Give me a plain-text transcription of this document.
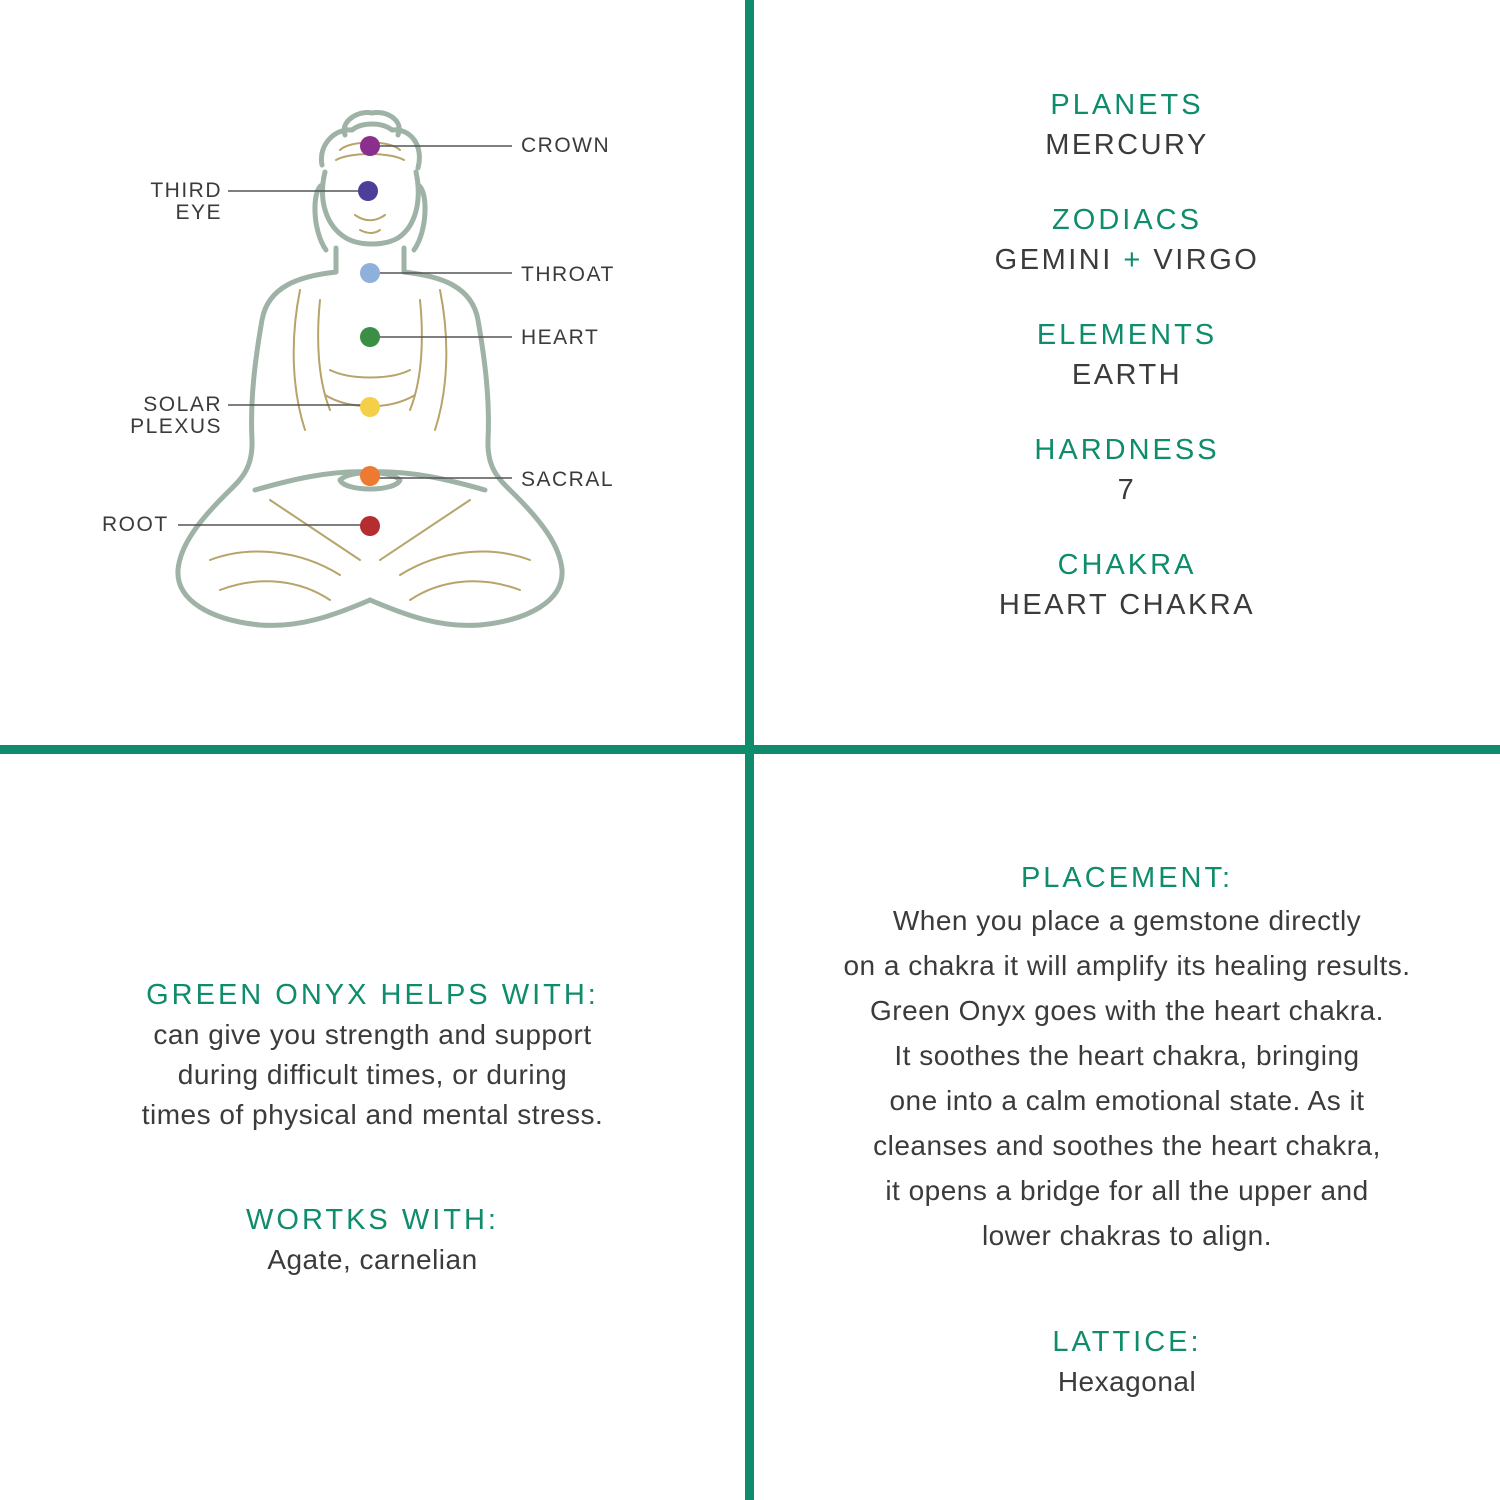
CROWN
THIRD
EYE
THROAT
HEART
SOLAR
PLEXUS
SACRAL
ROOT
PLANETS
MERCURY
ZODIACS
GEMINI + VIRGO
ELEMENTS
EARTH
HARDNESS
7
CHAKRA
HEART CHAKRA
GREEN ONYX HELPS WITH:
can give you strength and support
during difficult times, or during
times of physical and mental stress.
WORTKS WITH:
Agate, carnelian
PLACEMENT:
When you place a gemstone directly
on a chakra it will amplify its healing results.
Green Onyx goes with the heart chakra.
It soothes the heart chakra, bringing
one into a calm emotional state. As it
cleanses and soothes the heart chakra,
it opens a bridge for all the upper and
lower chakras to align.
LATTICE:
Hexagonal
